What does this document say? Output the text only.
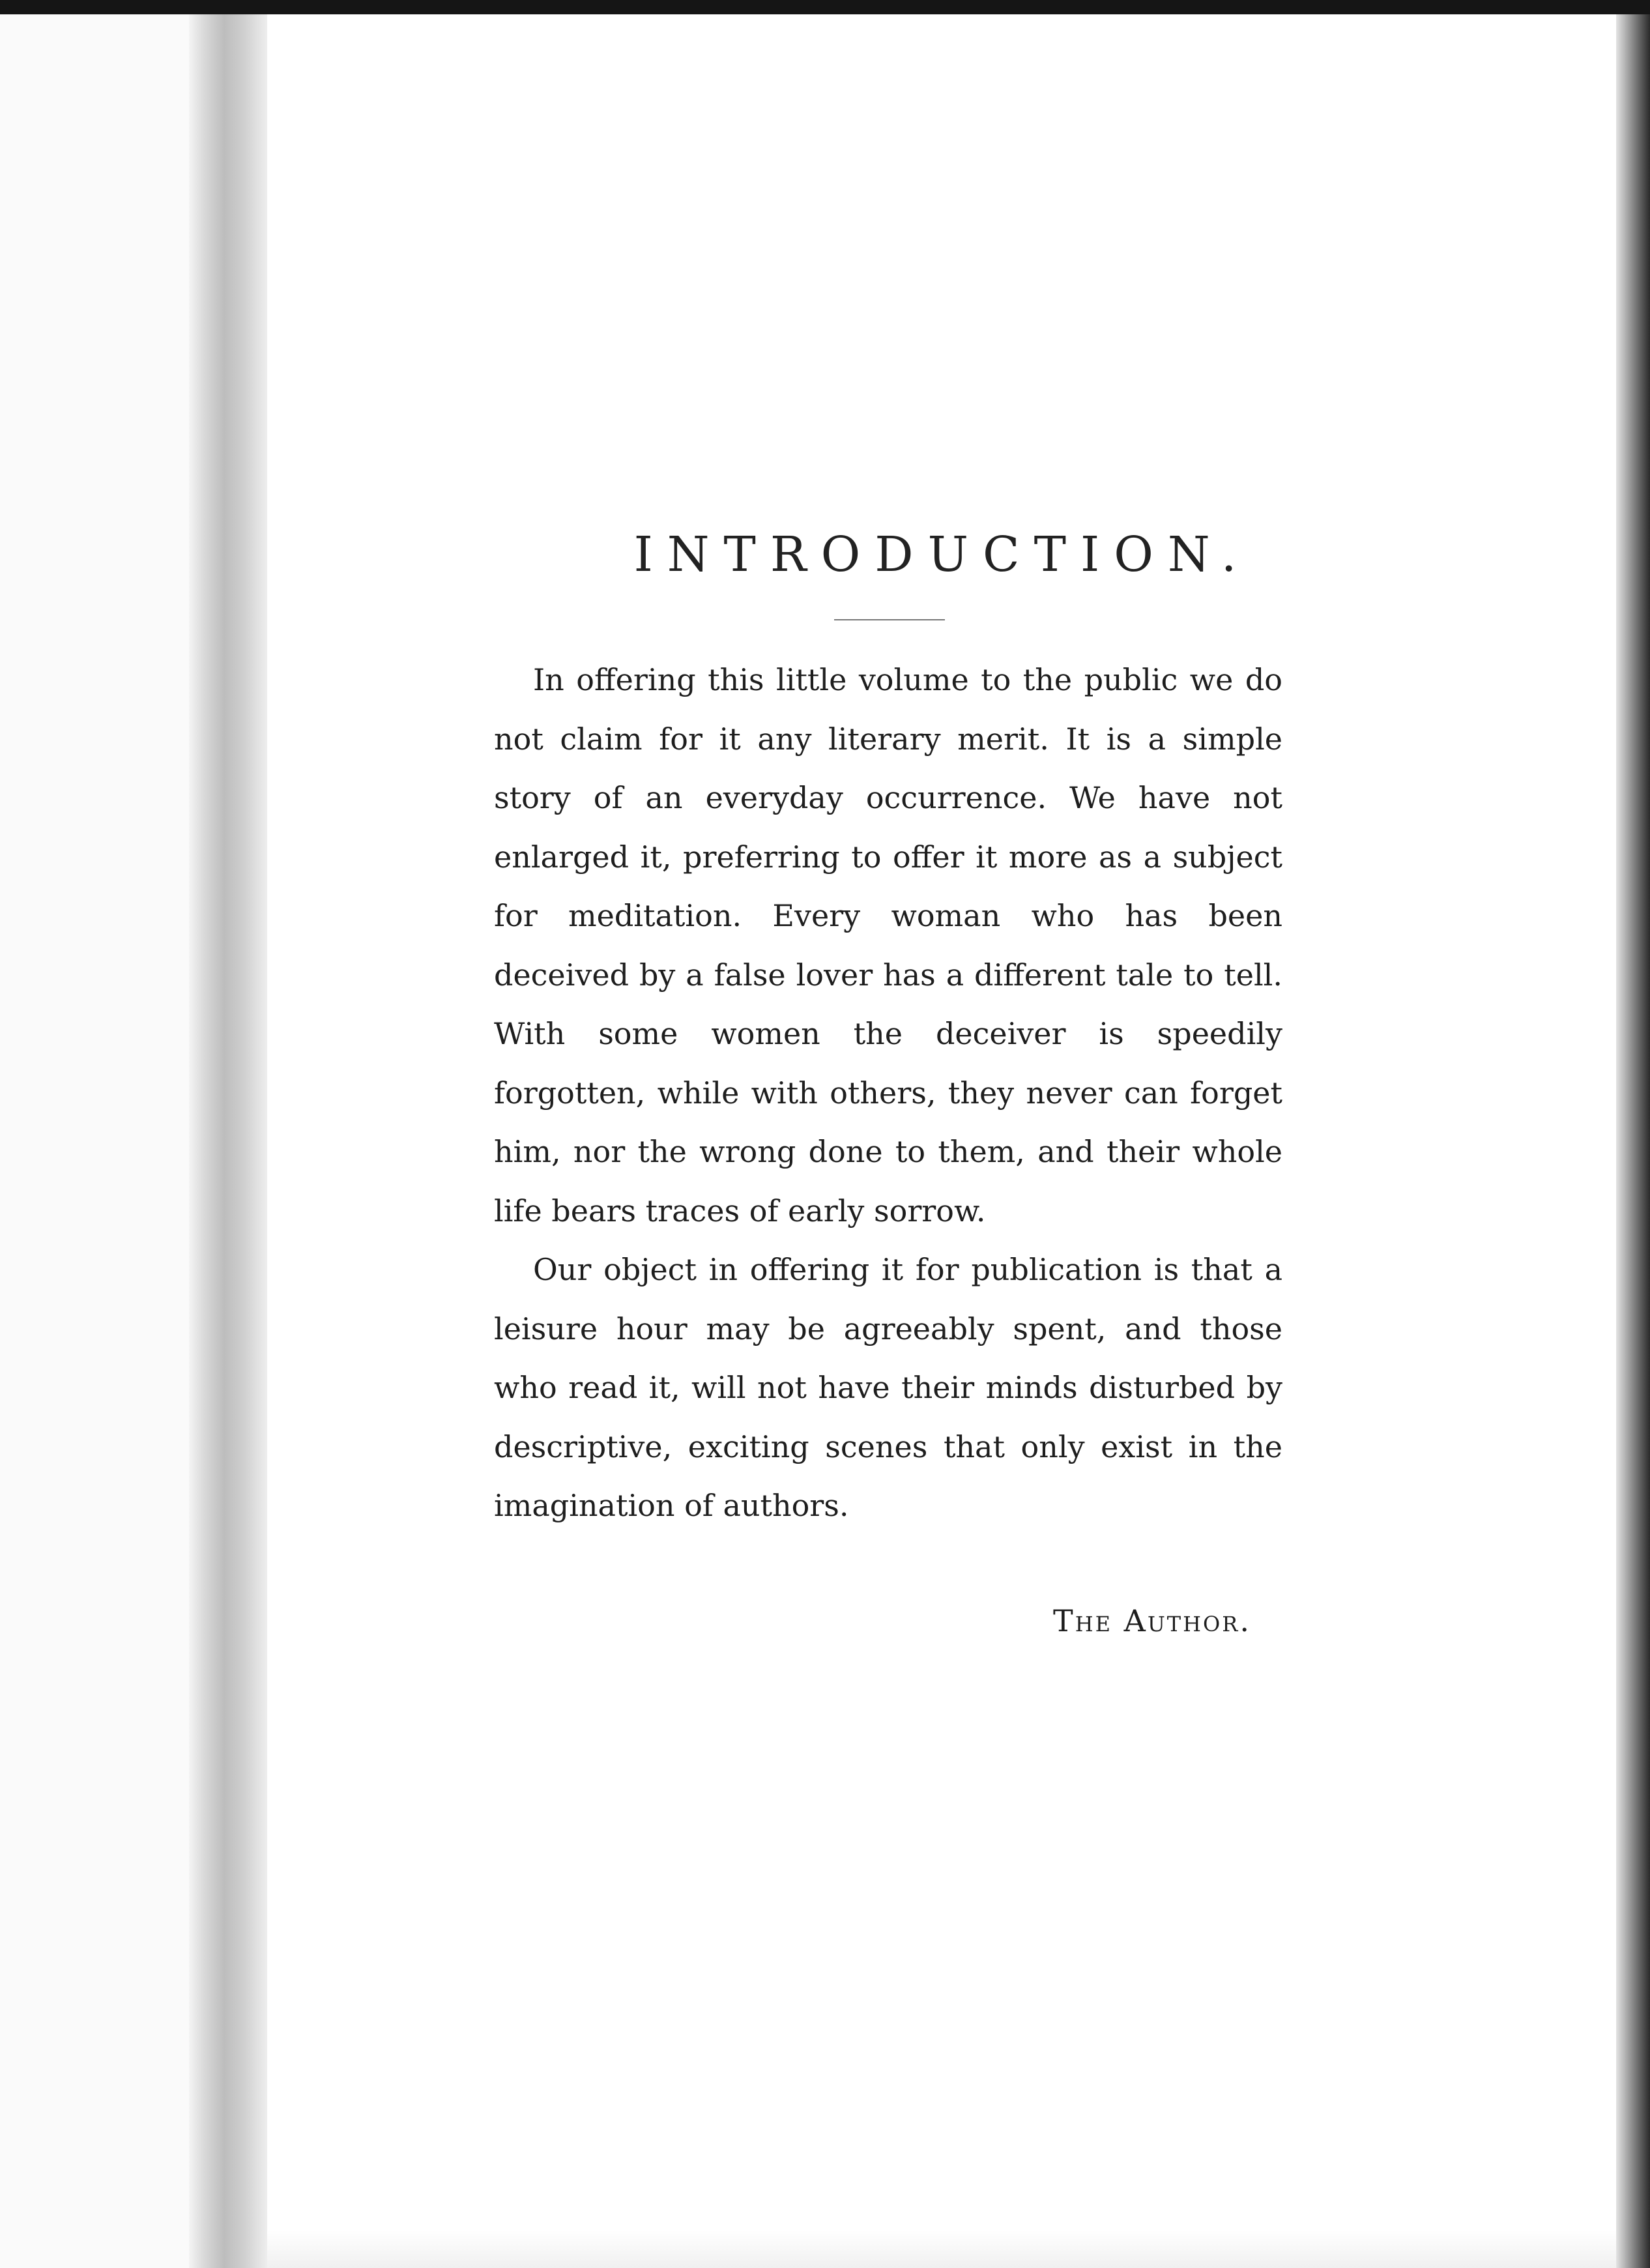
INTRODUCTION.

In offering this little volume to the public we do not claim for it any literary merit. It is a simple story of an everyday occurrence. We have not enlarged it, preferring to offer it more as a subject for meditation. Every woman who has been deceived by a false lover has a different tale to tell. With some women the deceiver is speedily forgotten, while with others, they never can forget him, nor the wrong done to them, and their whole life bears traces of early sorrow.

Our object in offering it for publication is that a leisure hour may be agreeably spent, and those who read it, will not have their minds disturbed by descriptive, exciting scenes that only exist in the imagination of authors.

The Author.
